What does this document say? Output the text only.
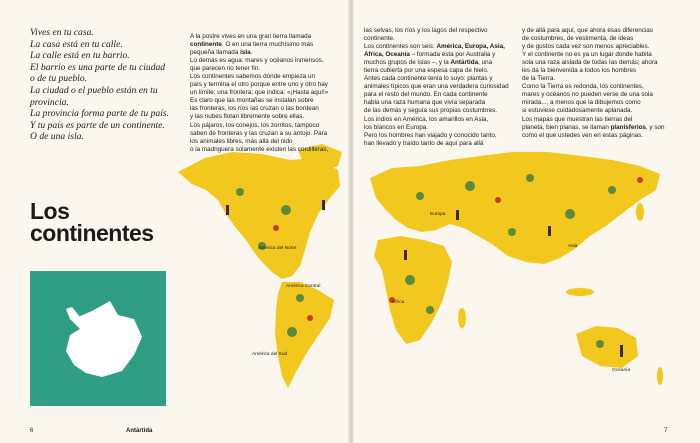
Vives en tu casa.
La casa está en tu calle.
La calle está en tu barrio.
El barrio es una parte de tu ciudad
o de tu pueblo.
La ciudad o el pueblo están en tu
provincia.
La provincia forma parte de tu país.
Y tu país es parte de un continente.
O de una isla.
A la postre vives en una gran tierra llamada
continente. O en una tierra muchísimo más
pequeña llamada isla.
Lo demás es agua: mares y océanos inmensos,
que parecen no tener fin.
Los continentes sabemos dónde empieza un
país y termina el otro porque entre uno y otro hay
un límite, una frontera; que indica: «¡Hasta aquí!»
Es claro que las montañas se instalan sobre
las fronteras, los ríos las cruzan o las bordean
y las nubes flotan libremente sobre ellas.
Los pájaros, los conejos, los zorritos, tampoco
saben de fronteras y las cruzan a su antojo. Para
los animales libres, más allá del nido
o la madriguera solamente existen las cordilleras,
las selvas, los ríos y los lagos del respectivo
continente.
Los continentes son seis: América, Europa, Asia,
Africa, Oceanía – formada ésta por Australia y
muchos grupos de islas –, y la Antártida, una
tierra cubierta por una espesa capa de hielo.
Antes cada continente tenía lo suyo: plantas y
animales típicos que eran una verdadera curiosidad
para el resto del mundo. En cada continente
habla una raza humana que vivía separada
de las demás y seguía sus propias costumbres.
Los indios en América, los amarillos en Asia,
los blancos en Europa.
Pero los hombres han viajado y conocido tanto,
han llevado y traído tanto de aquí para allá
y de allá para aquí, que ahora esas diferencias
de costumbres, de vestimenta, de ideas
y de gustos cada vez son menos apreciables.
Y el continente no es ya un lugar donde habita
sola una raza aislada de todas las demás; ahora
les da la bienvenida a todos los hombres
de la Tierra.
Como la Tierra es redonda, los continentes,
mares y océanos no pueden verse de una sola
mirada..., a menos que la dibujemos como
si estuviese cuidadosamente aplanada.
Los mapas que muestran las tierras del
planeta, bien planas, se llaman planisferios, y son
como el que ustedes ven en estas páginas.
Los
continentes
Antártida
América del Norte
América Central
América del Sud
Europa
Asia
Africa
Oceanía
6	7
